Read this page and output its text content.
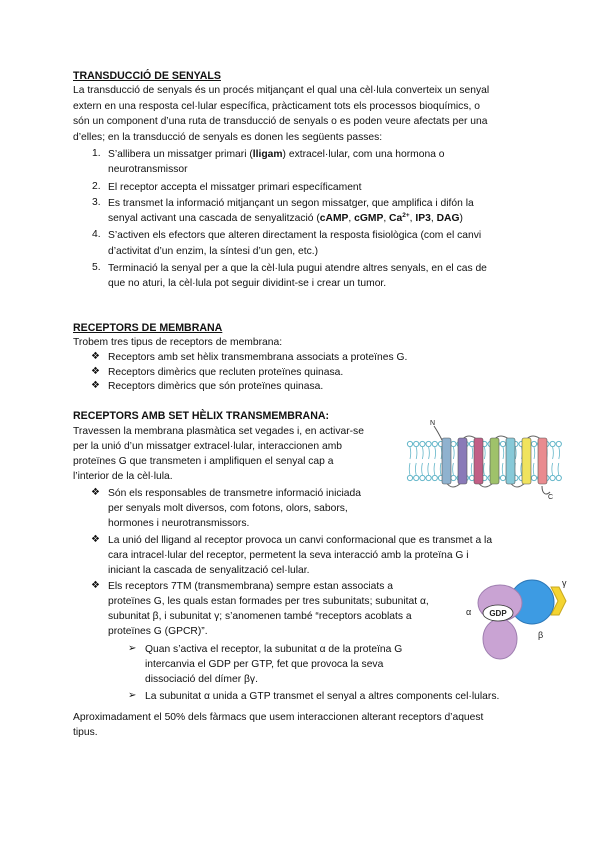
TRANSDUCCIÓ DE SENYALS
La transducció de senyals és un procés mitjançant el qual una cèl·lula converteix un senyal
extern en una resposta cel·lular específica, pràcticament tots els processos bioquímics, o
són un component d’una ruta de transducció de senyals o es poden veure afectats per una
d’elles; en la transducció de senyals es donen les següents passes:
1. S’allibera un missatger primari (lligam) extracel·lular, com una hormona o
neurotransmissor
2. El receptor accepta el missatger primari específicament
3. Es transmet la informació mitjançant un segon missatger, que amplifica i difón la
senyal activant una cascada de senyalització (cAMP, cGMP, $Ca^{2+}$, IP3, DAG)
4. S’activen els efectors que alteren directament la resposta fisiològica (com el canvi
d’activitat d’un enzim, la síntesi d’un gen, etc.)
5. Terminació la senyal per a que la cèl·lula pugui atendre altres senyals, en el cas de
que no aturi, la cèl·lula pot seguir dividint-se i crear un tumor.
RECEPTORS DE MEMBRANA
Trobem tres tipus de receptors de membrana:
❖ Receptors amb set hèlix transmembrana associats a proteïnes G.
❖ Receptors dimèrics que recluten proteïnes quinasa.
❖ Receptors dimèrics que són proteïnes quinasa.
RECEPTORS AMB SET HÈLIX TRANSMEMBRANA:
Travessen la membrana plasmàtica set vegades i, en activar-se
per la unió d’un missatger extracel·lular, interaccionen amb
proteïnes G que transmeten i amplifiquen el senyal cap a
l’interior de la cèl·lula.
❖ Són els responsables de transmetre informació iniciada
per senyals molt diversos, com fotons, olors, sabors,
hormones i neurotransmissors.
❖ La unió del lligand al receptor provoca un canvi conformacional que es transmet a la
cara intracel·lular del receptor, permetent la seva interacció amb la proteïna G i
iniciant la cascada de senyalització cel·lular.
❖ Els receptors 7TM (transmembrana) sempre estan associats a
proteïnes G, les quals estan formades per tres subunitats; subunitat α,
subunitat β, i subunitat γ; s’anomenen també “receptors acoblats a
proteïnes G (GPCR)”.
➢ Quan s’activa el receptor, la subunitat α de la proteïna G
intercanvia el GDP per GTP, fet que provoca la seva
dissociació del dímer βγ.
➢ La subunitat α unida a GTP transmet el senyal a altres components cel·lulars.
Aproximadament el 50% dels fàrmacs que usem interaccionen alterant receptors d’aquest
tipus.
N
C
GDP
α
β
γ
